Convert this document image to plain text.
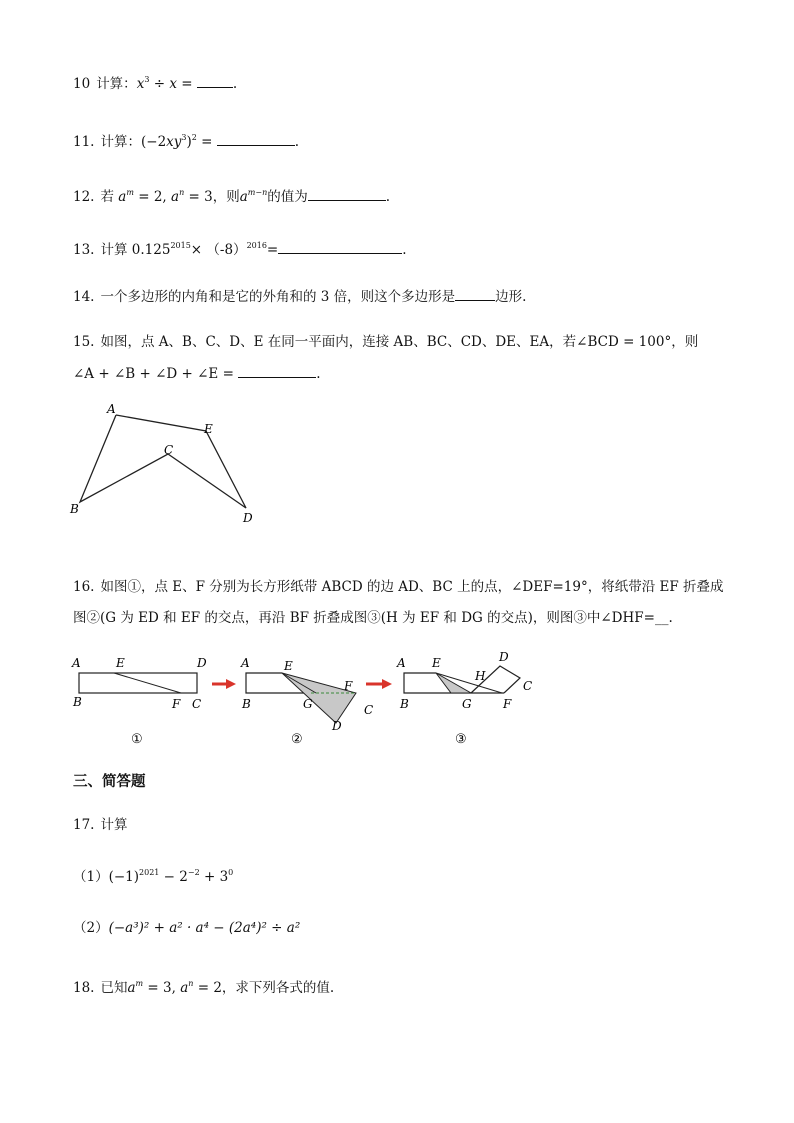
10 计算：$x^3 \div x$ =	.
11. 计算：$(-2xy^3)^2$ =	.
12. 若 $a^m = 2$, $a^n = 3$，则$a^{m-n}$的值为	.
13. 计算 $0.125^{2015}\times (-8)^{2016}=$	.
14. 一个多边形的内角和是它的外角和的 3 倍，则这个多边形是	边形.
15. 如图，点 A、B、C、D、E 在同一平面内，连接 AB、BC、CD、DE、EA，若∠BCD = 100°，则
∠A + ∠B + ∠D + ∠E =	.
A
B
C
D
E
16. 如图①，点 E、F 分别为长方形纸带 ABCD 的边 AD、BC 上的点，∠DEF=19°，将纸带沿 EF 折叠成
图②(G 为 ED 和 EF 的交点，再沿 BF 折叠成图③(H 为 EF 和 DG 的交点)，则图③中∠DHF=__.
A	E	D
B	F C
①
A	E
F
B	G	C
D
②
A E
H
D
C
B	G	F
③
三、简答题
17. 计算
$(1)(-1)^{2021} - 2^{-2} + 3^0$
（2）(−a³)² + a² · a⁴ − (2a⁴)² ÷ a²
18. 已知$a^m = 3$, $a^n = 2$，求下列各式的值.
